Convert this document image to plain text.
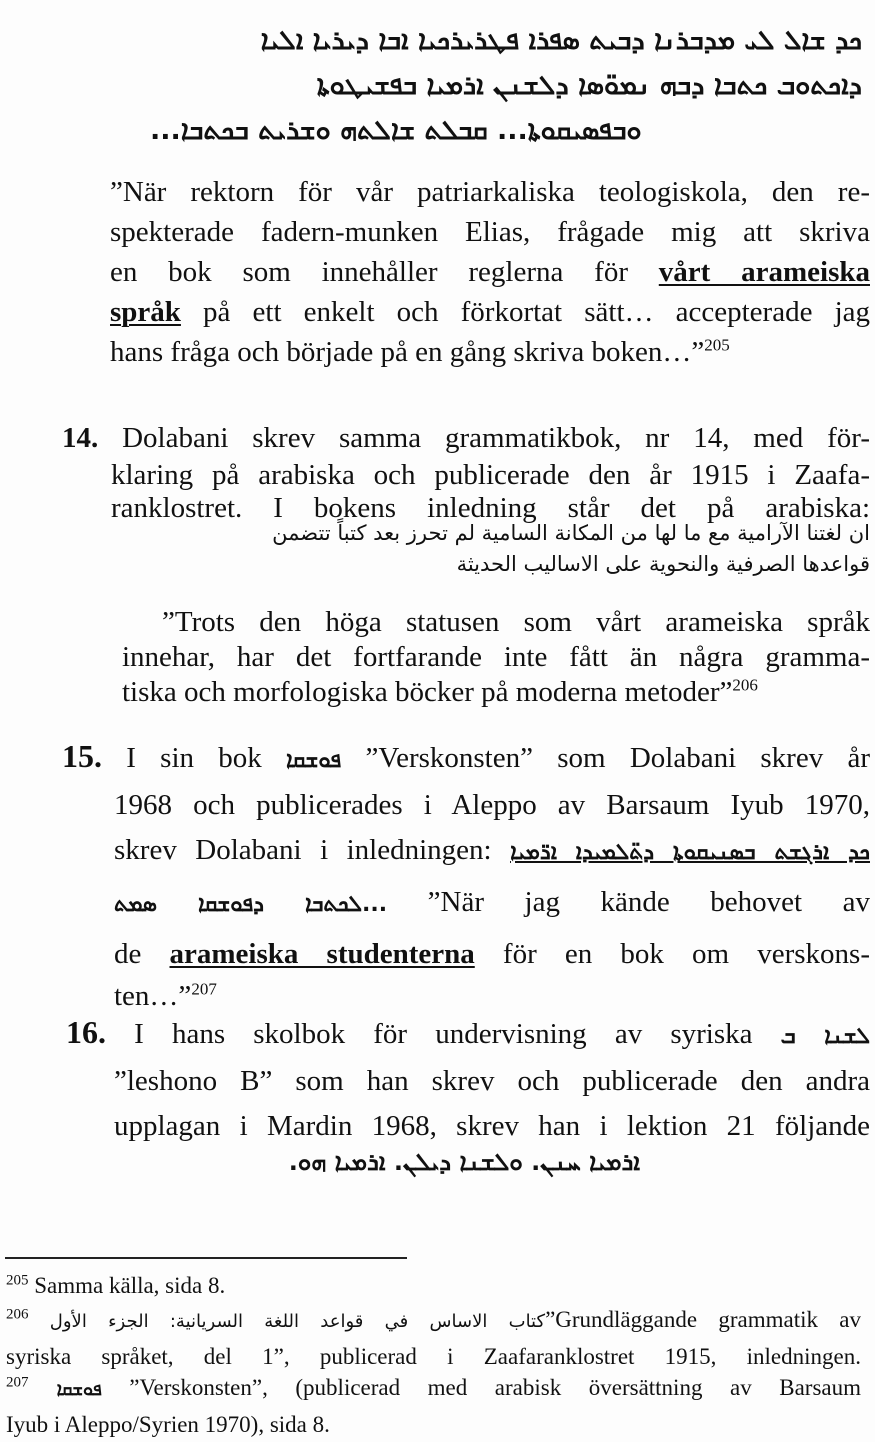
ܟܕ ܫܐܠ ܠܝ ܡܕܒܪܢܐ ܕܒܝܬ ܣܦܪܐ ܦܛܪܝܪܟܝܐ ܐܒܐ ܕܝܪܝܐ ܐܠܝܐ
ܕܐܟܬܘܒ ܟܬܒܐ ܕܒܗ ܢܡܘ̈ܣܐ ܕܠܫܢܢ ܐܪܡܝܐ ܒܦܫܝܛܘܬܐ
ܘܒܦܣܝܩܘܬܐ... ܩܒܠܬ ܫܐܠܬܗ ܘܫܪܝܬ ܒܟܬܒܐ...
”När rektorn för vår patriarkaliska teologiskola, den re-
spekterade fadern-munken Elias, frågade mig att skriva
en bok som innehåller reglerna för vårt arameiska
språk på ett enkelt och förkortat sätt… accepterade jag
hans fråga och började på en gång skriva boken…”$^{205}$
14. Dolabani skrev samma grammatikbok, nr 14, med för-
klaring på arabiska och publicerade den år 1915 i Zaafa-
ranklostret. I bokens inledning står det på arabiska:
ان لغتنا الآرامية مع ما لها من المكانة السامية لم تحرز بعد كتباً تتضمن
قواعدها الصرفية والنحوية على الاساليب الحديثة
”Trots den höga statusen som vårt arameiska språk
innehar, har det fortfarande inte fått än några gramma-
tiska och morfologiska böcker på moderna metoder”$^{206}$
15. I sin bok ܦܘܫܩܐ ”Verskonsten” som Dolabani skrev år
1968 och publicerades i Aleppo av Barsaum Iyub 1970,
skrev Dolabani i inledningen: ܟܕ ܐܪܓܫܬ ܒܣܢܝܩܘܬܐ ܕܬ̈ܠܡܝܕܐ ܐܪ̈ܡܝܐ
ܠܟܬܒܐ ܕܦܘܫܩܐ ܣܡܬ... ”När jag kände behovet av
de arameiska studenterna för en bok om verskons-
ten…”$^{207}$
16. I hans skolbok för undervisning av syriska ܠܫܢܐ ܒ
”leshono B” som han skrev och publicerade den andra
upplagan i Mardin 1968, skrev han i lektion 21 följande
ܐܪܡܝܐ ܚܢܢ. ܘܠܫܢܐ ܕܝܠܢ. ܐܪܡܝܐ ܗܘ.
$^{205}$ Samma källa, sida 8.
$^{206}$ كتاب الاساس في قواعد اللغة السريانية: الجزء الأول”Grundläggande grammatik av
syriska språket, del 1”, publicerad i Zaafaranklostret 1915, inledningen.
$^{207}$ ܦܘܫܩܐ ”Verskonsten”, (publicerad med arabisk översättning av Barsaum
Iyub i Aleppo/Syrien 1970), sida 8.
